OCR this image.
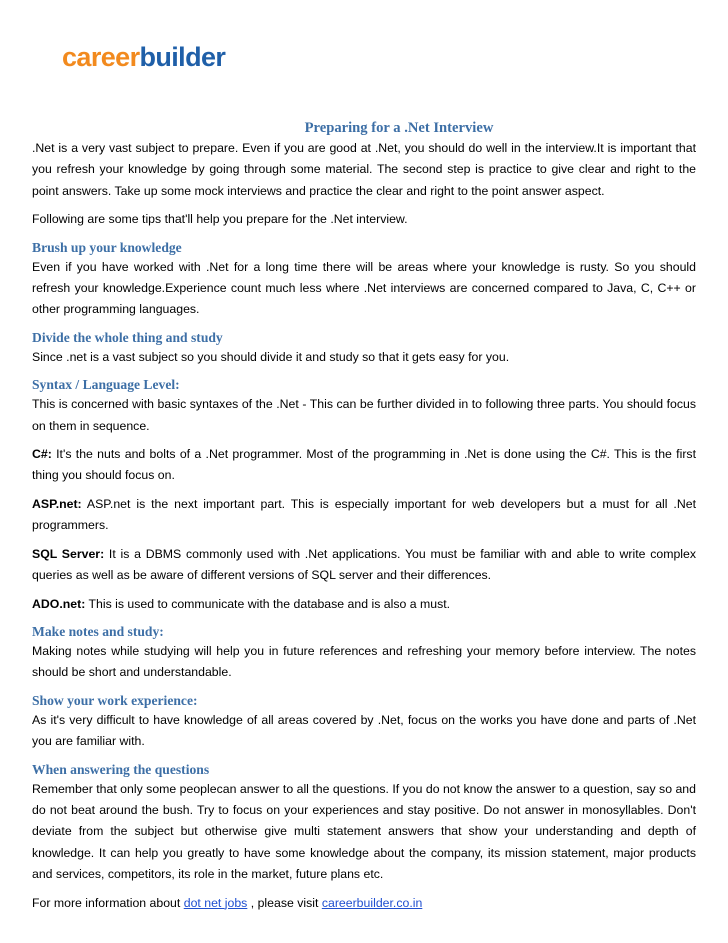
careerbuilder
Preparing for a .Net Interview

.Net is a very vast subject to prepare. Even if you are good at .Net, you should do well in the interview.It is important that you refresh your knowledge by going through some material. The second step is practice to give clear and right to the point answers. Take up some mock interviews and practice the clear and right to the point answer aspect.

Following are some tips that'll help you prepare for the .Net interview.

Brush up your knowledge

Even if you have worked with .Net for a long time there will be areas where your knowledge is rusty. So you should refresh your knowledge.Experience count much less where .Net interviews are concerned compared to Java, C, C++ or other programming languages.

Divide the whole thing and study

Since .net is a vast subject so you should divide it and study so that it gets easy for you.

Syntax / Language Level:

This is concerned with basic syntaxes of the .Net - This can be further divided in to following three parts. You should focus on them in sequence.

C#: It's the nuts and bolts of a .Net programmer. Most of the programming in .Net is done using the C#. This is the first thing you should focus on.

ASP.net: ASP.net is the next important part. This is especially important for web developers but a must for all .Net programmers.

SQL Server: It is a DBMS commonly used with .Net applications. You must be familiar with and able to write complex queries as well as be aware of different versions of SQL server and their differences.

ADO.net: This is used to communicate with the database and is also a must.

Make notes and study:

Making notes while studying will help you in future references and refreshing your memory before interview. The notes should be short and understandable.

Show your work experience:

As it's very difficult to have knowledge of all areas covered by .Net, focus on the works you have done and parts of .Net you are familiar with.

When answering the questions

Remember that only some peoplecan answer to all the questions. If you do not know the answer to a question, say so and do not beat around the bush. Try to focus on your experiences and stay positive. Do not answer in monosyllables. Don't deviate from the subject but otherwise give multi statement answers that show your understanding and depth of knowledge. It can help you greatly to have some knowledge about the company, its mission statement, major products and services, competitors, its role in the market, future plans etc.

For more information about dot net jobs , please visit careerbuilder.co.in
